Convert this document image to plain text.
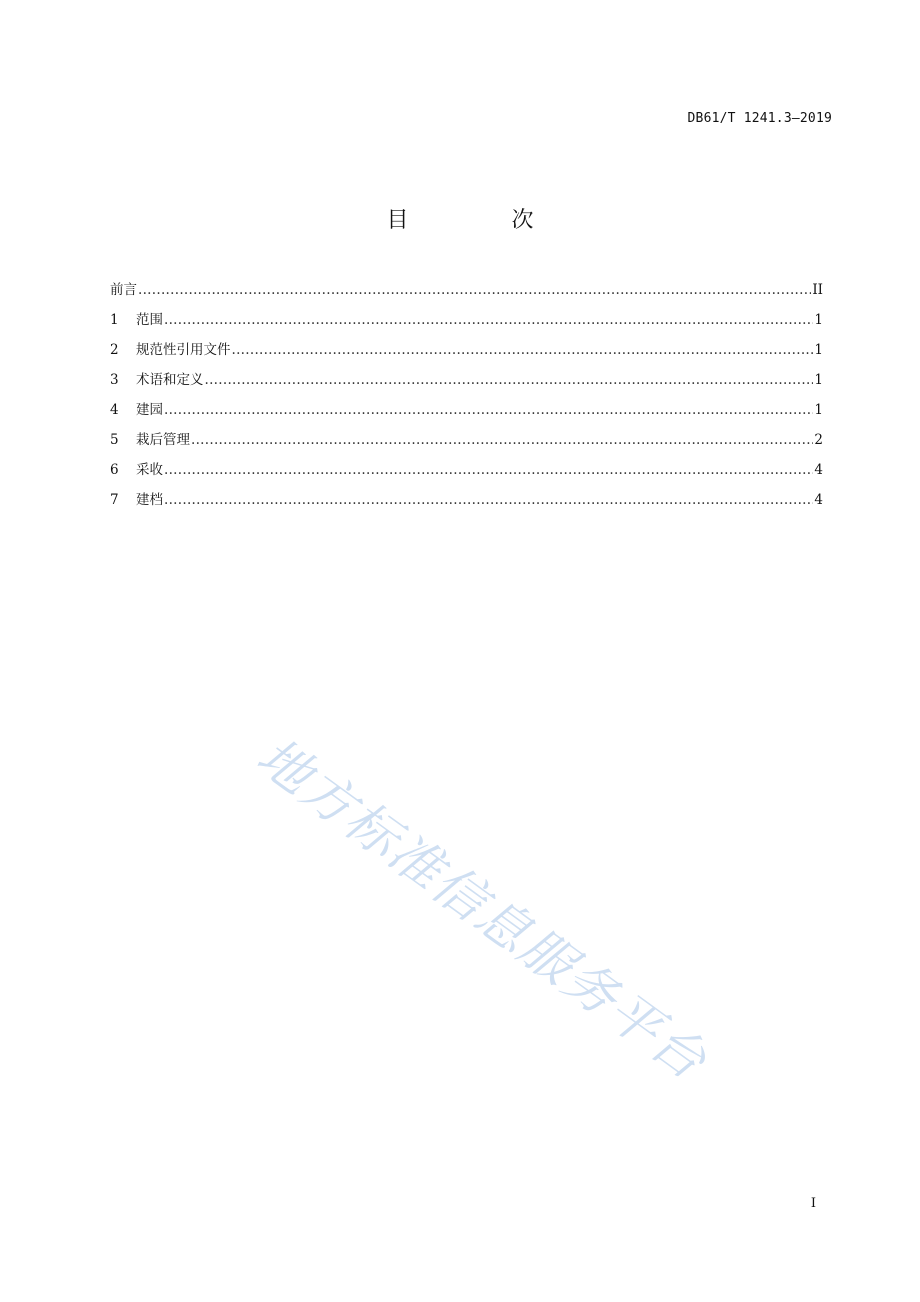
DB61/T 1241.3—2019
目 次
前言 .....	II
1	范围 .....	1
2	规范性引用文件 .....	1
3	术语和定义 .....	1
4	建园 .....	1
5	栽后管理 .....	2
6	采收 .....	4
7	建档 .....	4
地方标准信息服务平台
I
